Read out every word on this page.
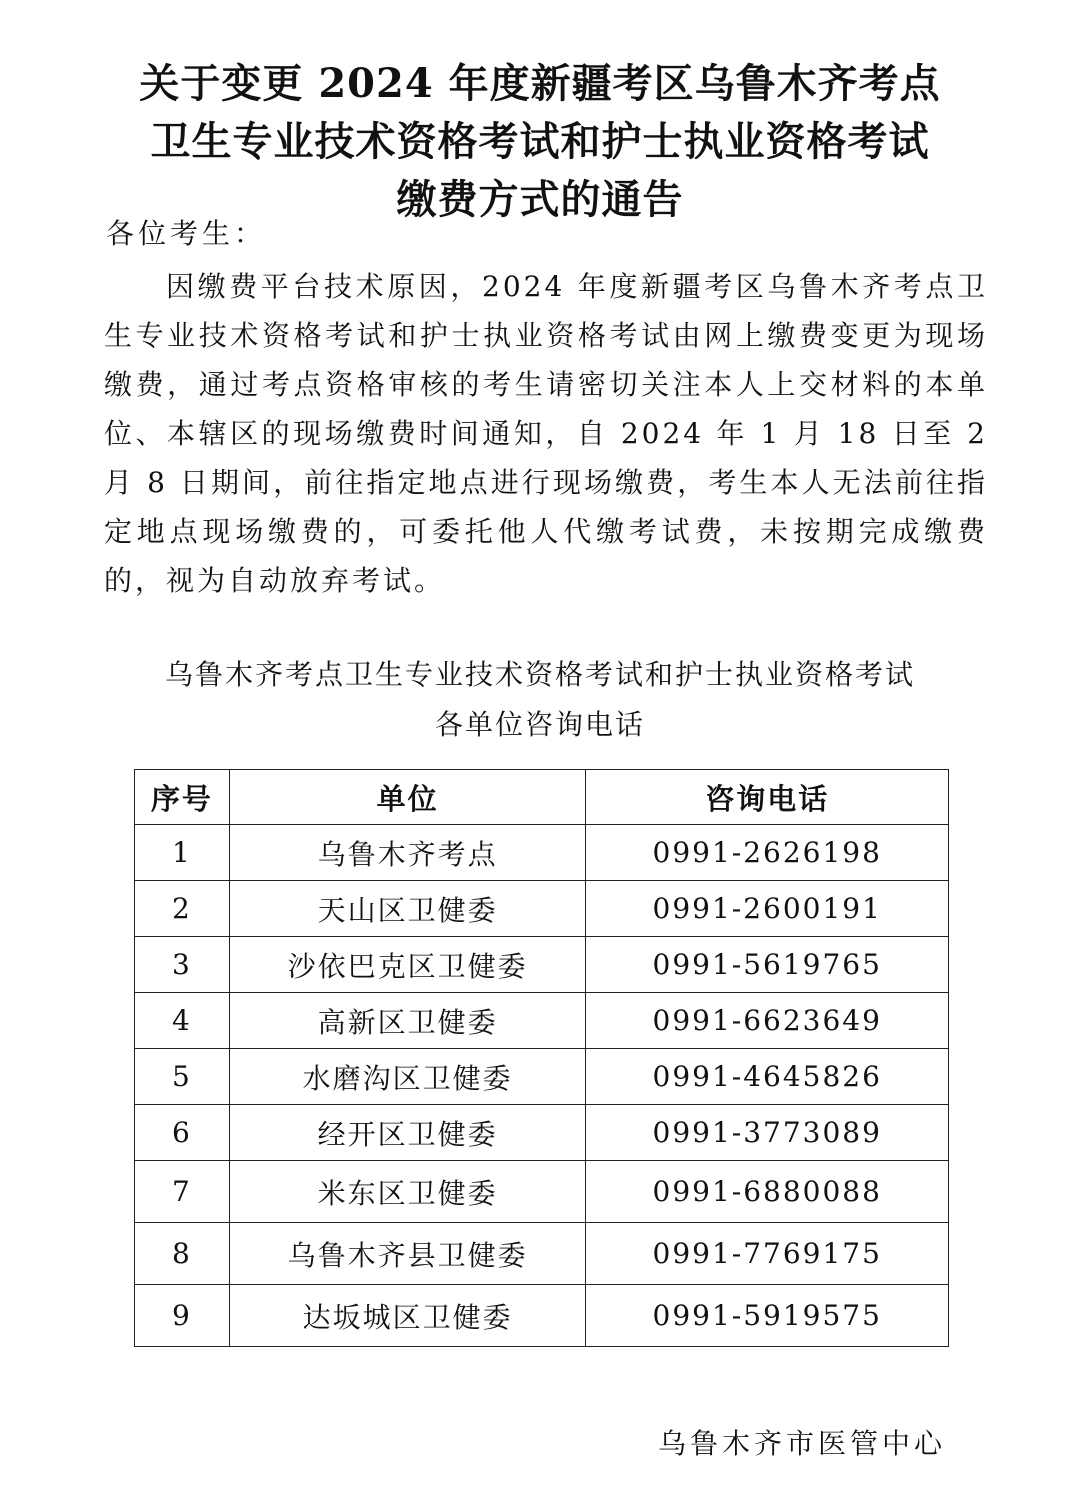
关于变更 2024 年度新疆考区乌鲁木齐考点
卫生专业技术资格考试和护士执业资格考试
缴费方式的通告
各位考生：
因缴费平台技术原因，2024 年度新疆考区乌鲁木齐考点卫生专业技术资格考试和护士执业资格考试由网上缴费变更为现场缴费，通过考点资格审核的考生请密切关注本人上交材料的本单位、本辖区的现场缴费时间通知，自 2024 年 1 月 18 日至 2 月 8 日期间，前往指定地点进行现场缴费，考生本人无法前往指定地点现场缴费的，可委托他人代缴考试费，未按期完成缴费的，视为自动放弃考试。
乌鲁木齐考点卫生专业技术资格考试和护士执业资格考试
各单位咨询电话
序号	单位	咨询电话
1	乌鲁木齐考点	0991-2626198
2	天山区卫健委	0991-2600191
3	沙依巴克区卫健委	0991-5619765
4	高新区卫健委	0991-6623649
5	水磨沟区卫健委	0991-4645826
6	经开区卫健委	0991-3773089
7	米东区卫健委	0991-6880088
8	乌鲁木齐县卫健委	0991-7769175
9	达坂城区卫健委	0991-5919575
乌鲁木齐市医管中心
